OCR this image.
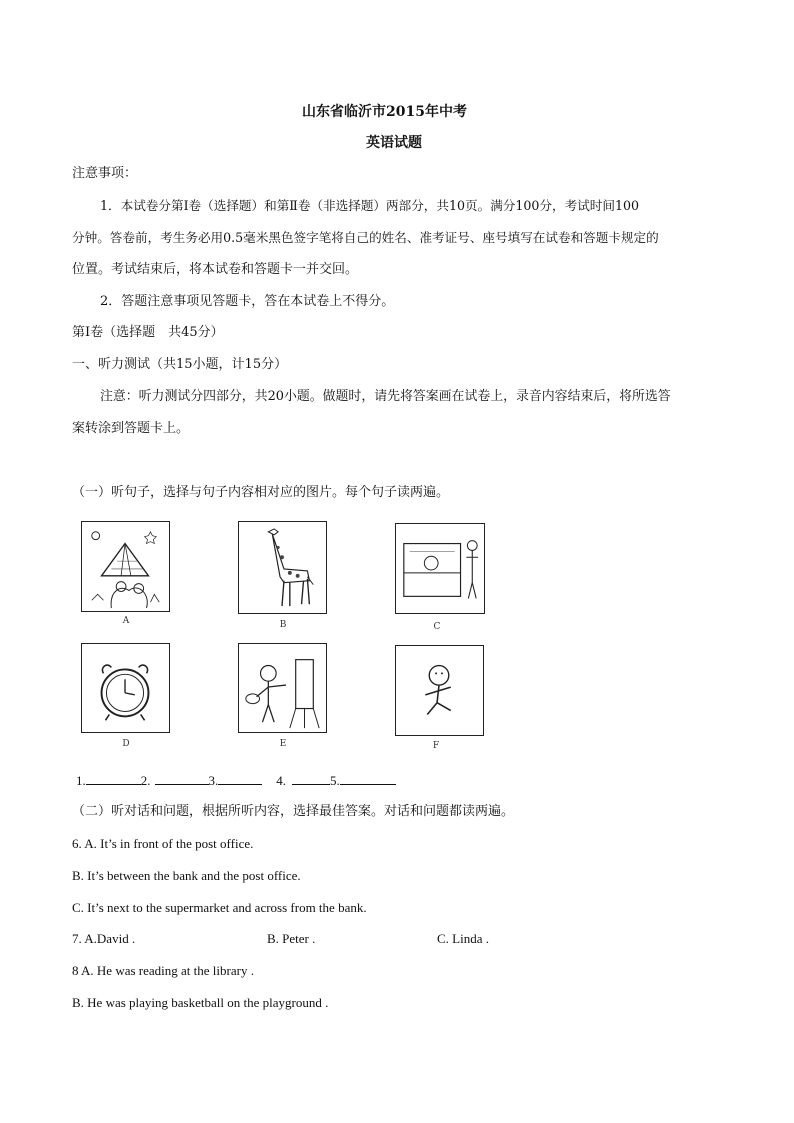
山东省临沂市2015年中考
英语试题
注意事项：
1．本试卷分第Ⅰ卷（选择题）和第Ⅱ卷（非选择题）两部分，共10页。满分100分，考试时间100
分钟。答卷前，考生务必用0.5毫米黑色签字笔将自己的姓名、准考证号、座号填写在试卷和答题卡规定的
位置。考试结束后，将本试卷和答题卡一并交回。
2．答题注意事项见答题卡，答在本试卷上不得分。
第Ⅰ卷（选择题　共45分）
一、听力测试（共15小题，计15分）
注意：听力测试分四部分，共20小题。做题时，请先将答案画在试卷上，录音内容结束后，将所选答
案转涂到答题卡上。
（一）听句子，选择与句子内容相对应的图片。每个句子读两遍。
A	B	C
D	E	F
1.	2.	3.	4.	5.
（二）听对话和问题，根据所听内容，选择最佳答案。对话和问题都读两遍。
6. A. It’s in front of the post office.
B. It’s between the bank and the post office.
C. It’s next to the supermarket and across from the bank.
7. A.David .	B. Peter .	C. Linda .
8 A. He was reading at the library .
B. He was playing basketball on the playground .
